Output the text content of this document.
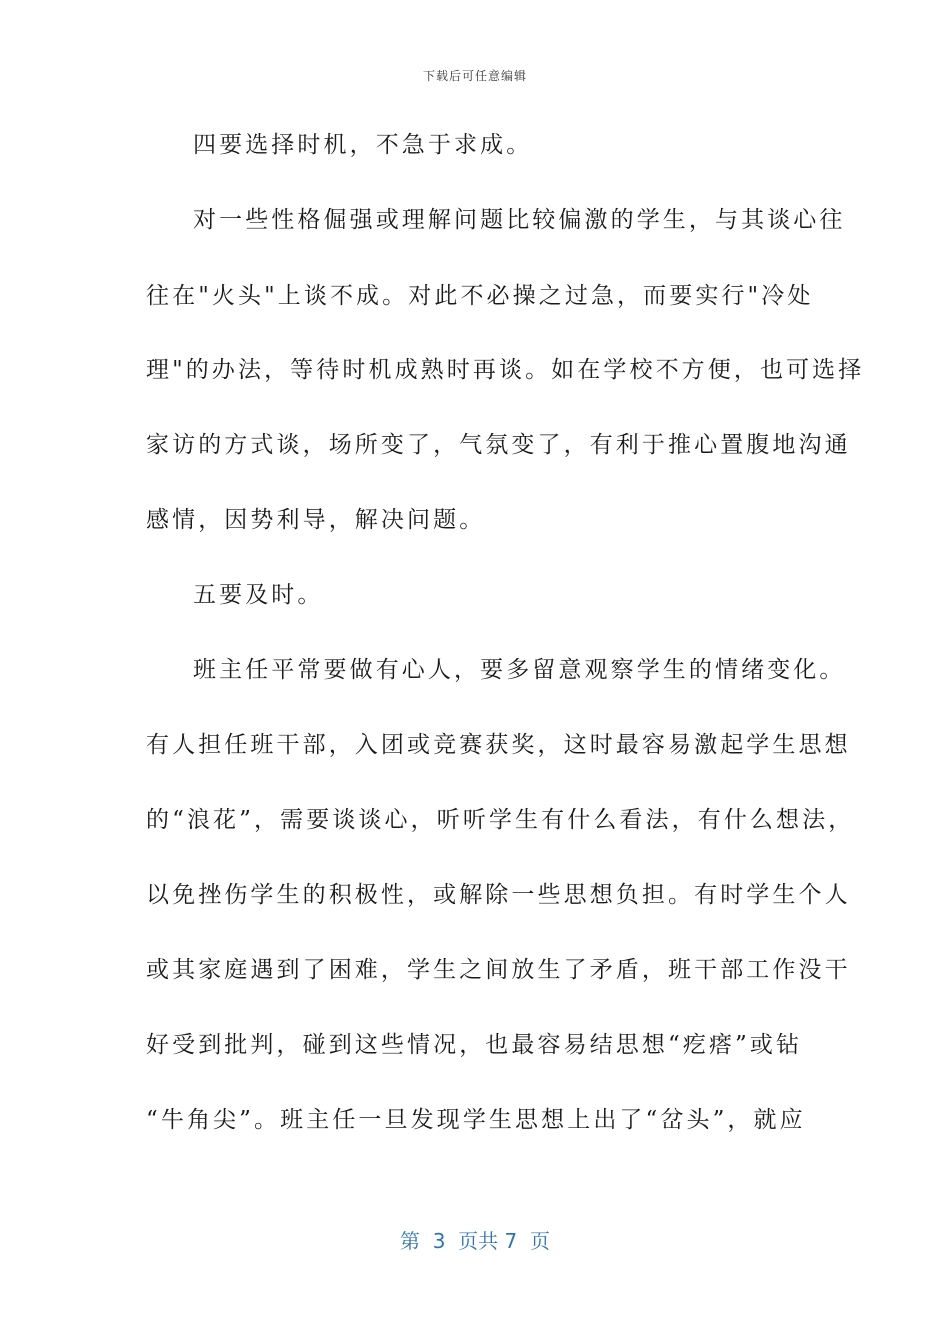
下载后可任意编辑
四要选择时机，不急于求成。
对一些性格倔强或理解问题比较偏激的学生，与其谈心往
往在"火头"上谈不成。对此不必操之过急，而要实行"冷处
理"的办法，等待时机成熟时再谈。如在学校不方便，也可选择
家访的方式谈，场所变了，气氛变了，有利于推心置腹地沟通
感情，因势利导，解决问题。
五要及时。
班主任平常要做有心人，要多留意观察学生的情绪变化。
有人担任班干部，入团或竞赛获奖，这时最容易激起学生思想
的“浪花”，需要谈谈心，听听学生有什么看法，有什么想法，
以免挫伤学生的积极性，或解除一些思想负担。有时学生个人
或其家庭遇到了困难，学生之间放生了矛盾，班干部工作没干
好受到批判，碰到这些情况，也最容易结思想“疙瘩”或钻
“牛角尖”。班主任一旦发现学生思想上出了“岔头”，就应
第  3  页共 7  页
